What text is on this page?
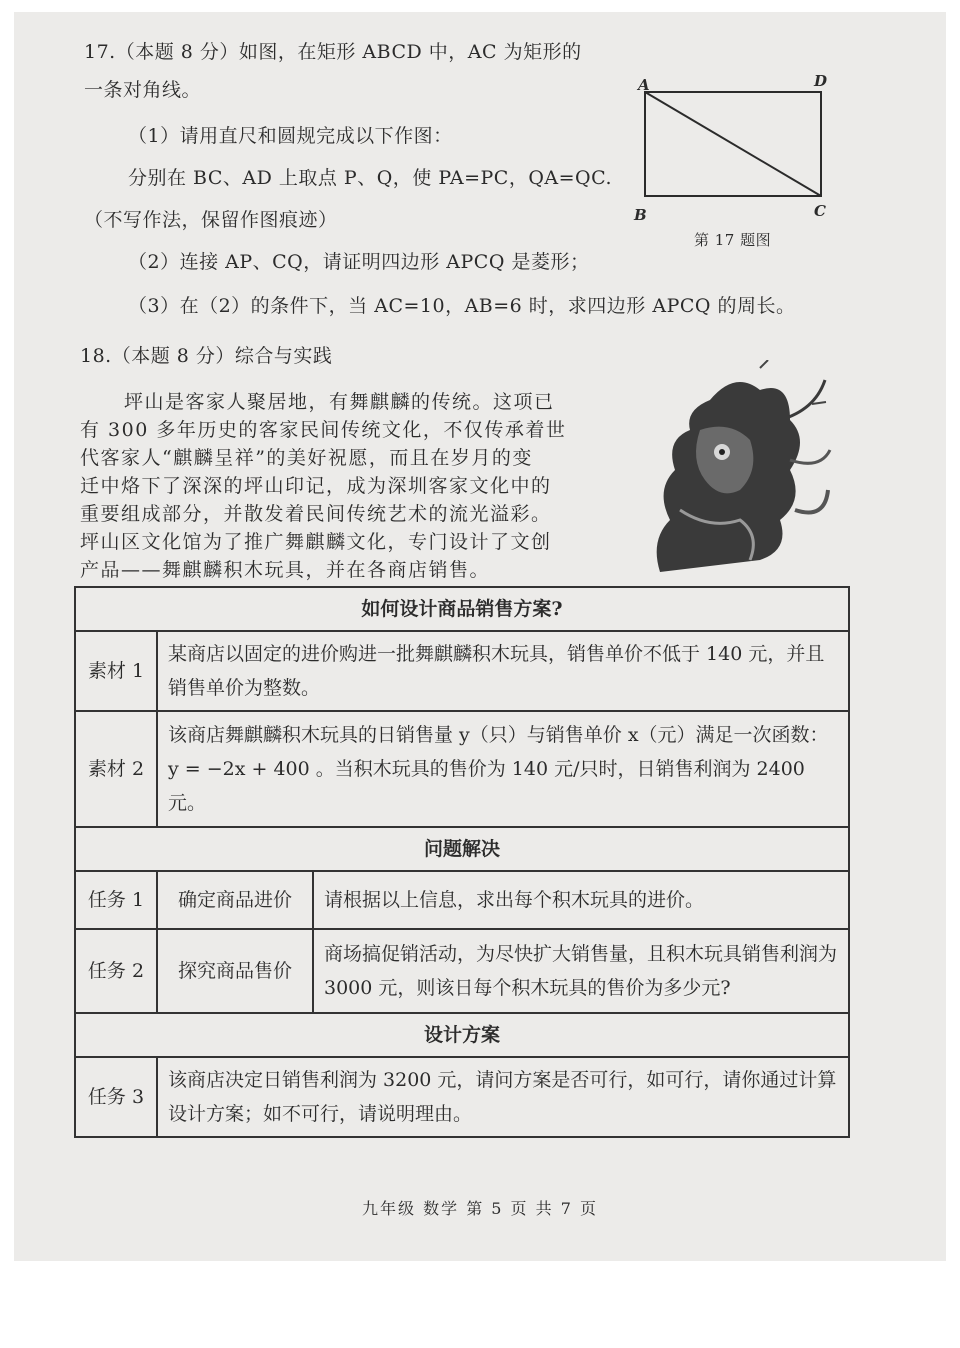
17.（本题 8 分）如图，在矩形 ABCD 中，AC 为矩形的
一条对角线。
（1）请用直尺和圆规完成以下作图：
分别在 BC、AD 上取点 P、Q，使 PA=PC，QA=QC.
（不写作法，保留作图痕迹）
（2）连接 AP、CQ，请证明四边形 APCQ 是菱形；
（3）在（2）的条件下，当 AC=10，AB=6 时，求四边形 APCQ 的周长。
A	D
B	C
第 17 题图
18.（本题 8 分）综合与实践
坪山是客家人聚居地，有舞麒麟的传统。这项已
有 300 多年历史的客家民间传统文化，不仅传承着世
代客家人“麒麟呈祥”的美好祝愿，而且在岁月的变
迁中烙下了深深的坪山印记，成为深圳客家文化中的
重要组成部分，并散发着民间传统艺术的流光溢彩。
坪山区文化馆为了推广舞麒麟文化，专门设计了文创
产品——舞麒麟积木玩具，并在各商店销售。
如何设计商品销售方案?		
素材 1	某商店以固定的进价购进一批舞麒麟积木玩具，销售单价不低于 140 元，并且销售单价为整数。	
素材 2	该商店舞麒麟积木玩具的日销售量 y（只）与销售单价 x（元）满足一次函数：y = −2x + 400 。当积木玩具的售价为 140 元/只时，日销售利润为 2400 元。	
问题解决		
任务 1	确定商品进价	请根据以上信息，求出每个积木玩具的进价。
任务 2	探究商品售价	商场搞促销活动，为尽快扩大销售量，且积木玩具销售利润为 3000 元，则该日每个积木玩具的售价为多少元?
设计方案		
任务 3	该商店决定日销售利润为 3200 元，请问方案是否可行，如可行，请你通过计算设计方案；如不可行，请说明理由。	
九年级 数学 第 5 页 共 7 页
